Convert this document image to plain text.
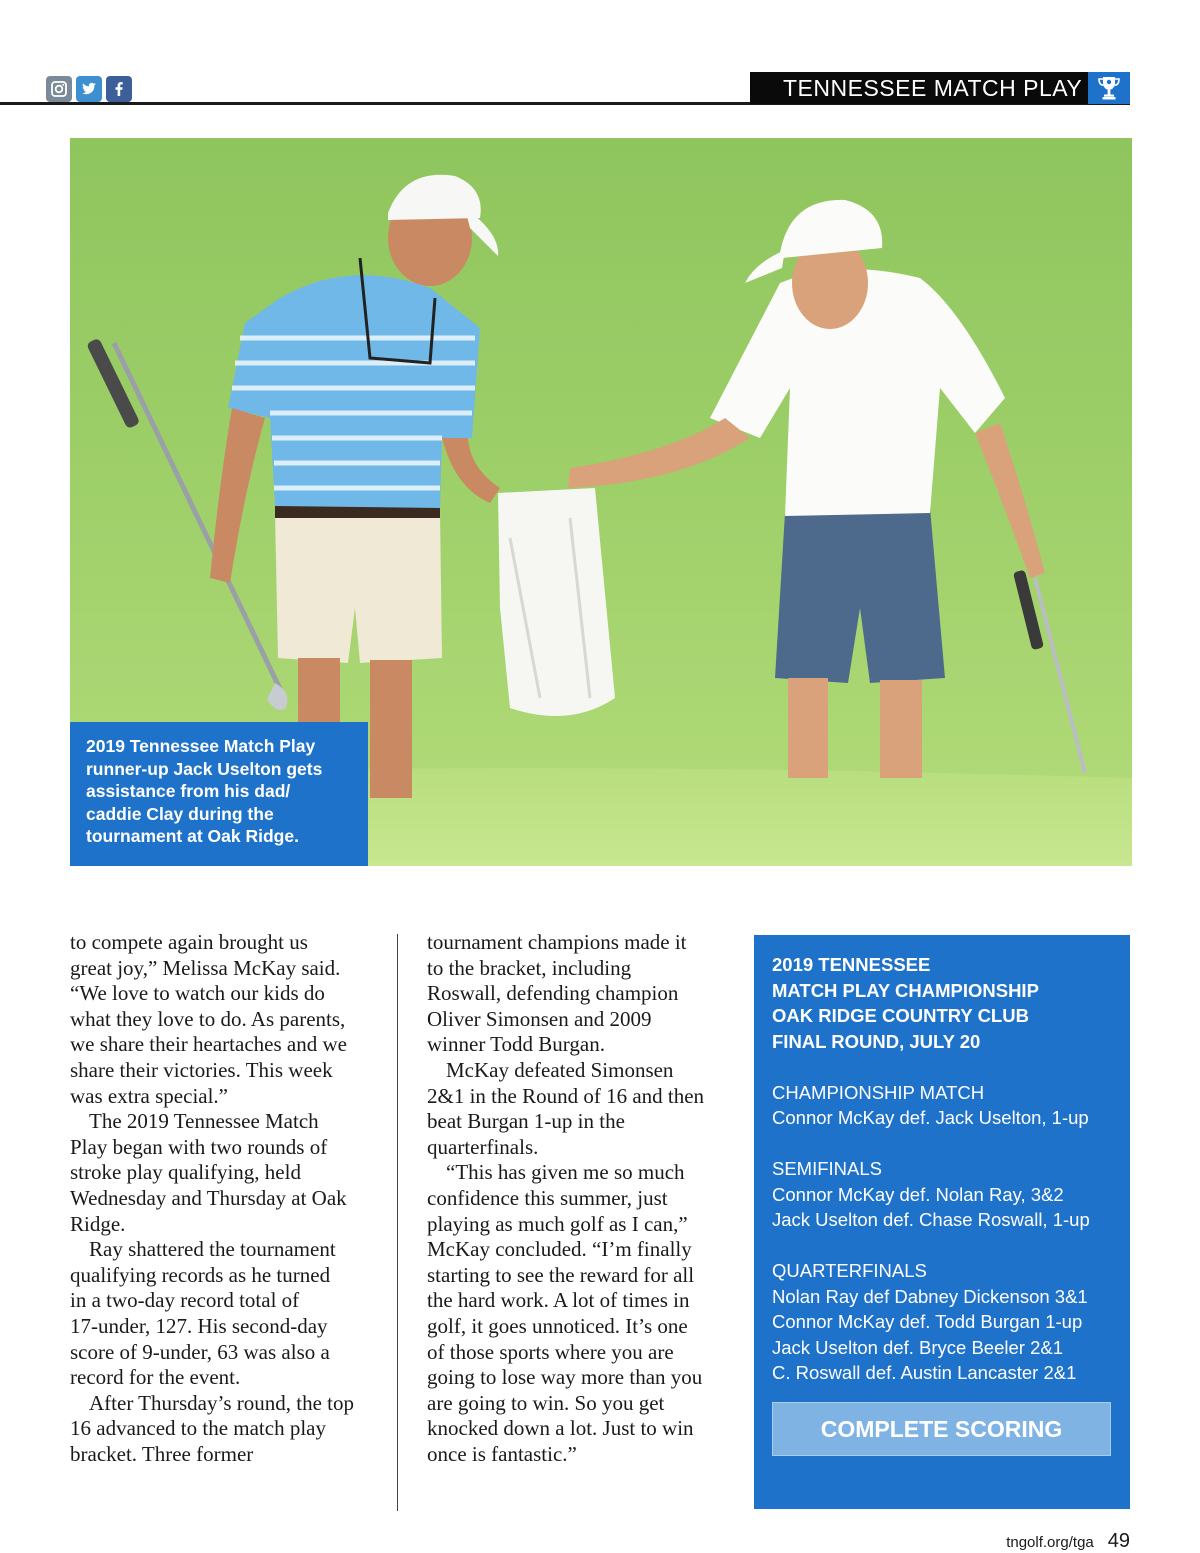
TENNESSEE MATCH PLAY
2019 Tennessee Match Play
runner-up Jack Uselton gets
assistance from his dad/
caddie Clay during the
tournament at Oak Ridge.
to compete again brought us
great joy,” Melissa McKay said.
“We love to watch our kids do
what they love to do. As parents,
we share their heartaches and we
share their victories. This week
was extra special.”
The 2019 Tennessee Match
Play began with two rounds of
stroke play qualifying, held
Wednesday and Thursday at Oak
Ridge.
Ray shattered the tournament
qualifying records as he turned
in a two-day record total of
17-under, 127. His second-day
score of 9-under, 63 was also a
record for the event.
After Thursday’s round, the top
16 advanced to the match play
bracket. Three former
tournament champions made it
to the bracket, including
Roswall, defending champion
Oliver Simonsen and 2009
winner Todd Burgan.
McKay defeated Simonsen
2&1 in the Round of 16 and then
beat Burgan 1-up in the
quarterfinals.
“This has given me so much
confidence this summer, just
playing as much golf as I can,”
McKay concluded. “I’m finally
starting to see the reward for all
the hard work. A lot of times in
golf, it goes unnoticed. It’s one
of those sports where you are
going to lose way more than you
are going to win. So you get
knocked down a lot. Just to win
once is fantastic.”
2019 TENNESSEE
MATCH PLAY CHAMPIONSHIP
OAK RIDGE COUNTRY CLUB
FINAL ROUND, JULY 20
CHAMPIONSHIP MATCH
Connor McKay def. Jack Uselton, 1-up
SEMIFINALS
Connor McKay def. Nolan Ray, 3&2
Jack Uselton def. Chase Roswall, 1-up
QUARTERFINALS
Nolan Ray def Dabney Dickenson 3&1
Connor McKay def. Todd Burgan 1-up
Jack Uselton def. Bryce Beeler 2&1
C. Roswall def. Austin Lancaster 2&1
COMPLETE SCORING
tngolf.org/tga 49
